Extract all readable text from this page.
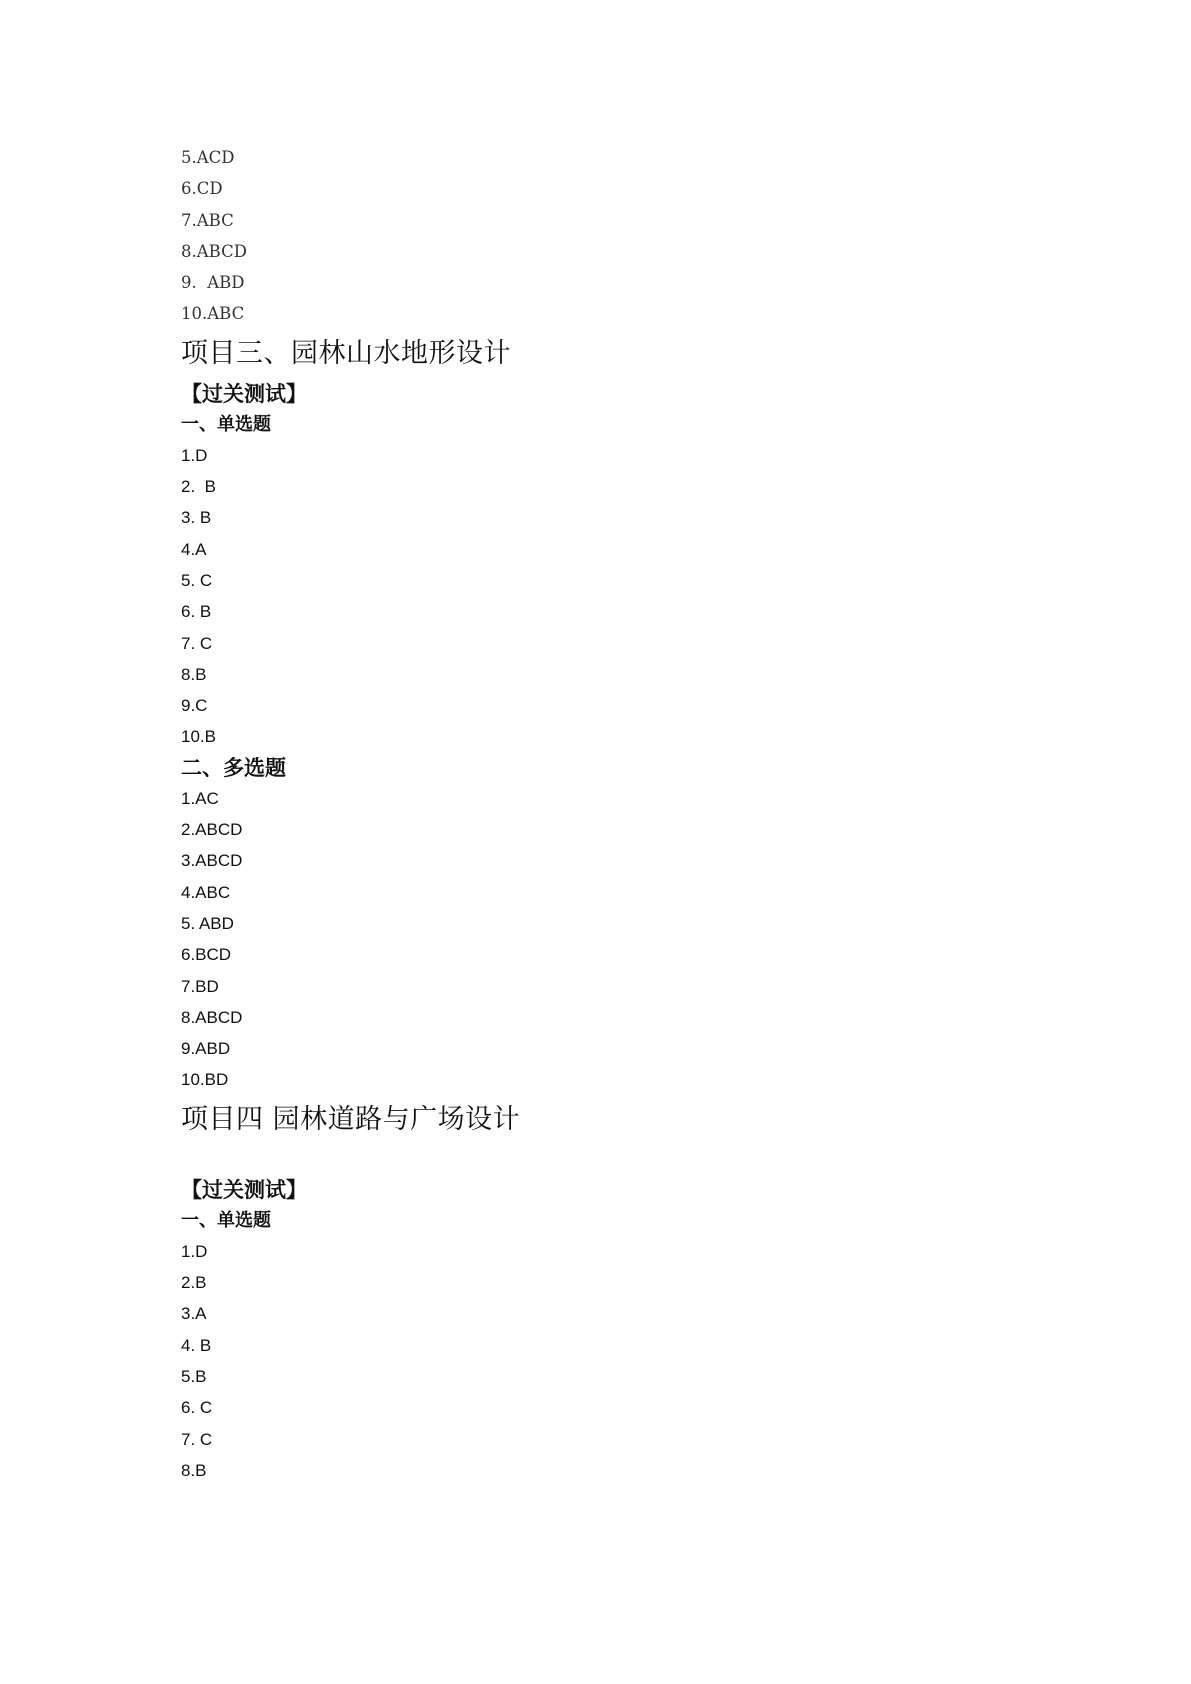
5.ACD
6.CD
7.ABC
8.ABCD
9.  ABD
10.ABC
项目三、园林山水地形设计
【过关测试】
一、单选题
1.D
2.  B
3. B
4.A
5. C
6. B
7. C
8.B
9.C
10.B
二、多选题
1.AC
2.ABCD
3.ABCD
4.ABC
5. ABD
6.BCD
7.BD
8.ABCD
9.ABD
10.BD
项目四 园林道路与广场设计
【过关测试】
一、单选题
1.D
2.B
3.A
4. B
5.B
6. C
7. C
8.B
